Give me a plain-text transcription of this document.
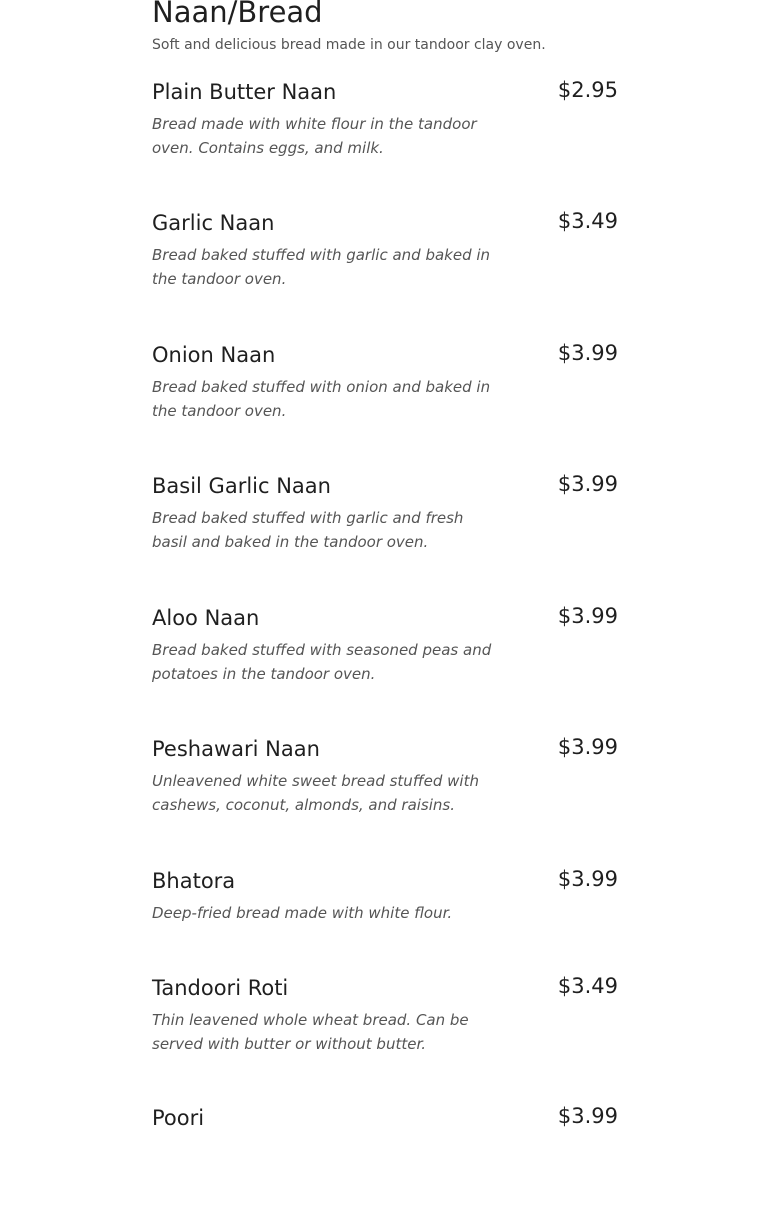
Naan/Bread

Soft and delicious bread made in our tandoor clay oven.

Plain Butter Naan	$2.95

Bread made with white flour in the tandoor oven. Contains eggs, and milk.

Garlic Naan	$3.49

Bread baked stuffed with garlic and baked in the tandoor oven.

Onion Naan	$3.99

Bread baked stuffed with onion and baked in the tandoor oven.

Basil Garlic Naan	$3.99

Bread baked stuffed with garlic and fresh basil and baked in the tandoor oven.

Aloo Naan	$3.99

Bread baked stuffed with seasoned peas and potatoes in the tandoor oven.

Peshawari Naan	$3.99

Unleavened white sweet bread stuffed with cashews, coconut, almonds, and raisins.

Bhatora	$3.99

Deep-fried bread made with white flour.

Tandoori Roti	$3.49

Thin leavened whole wheat bread. Can be served with butter or without butter.

Poori	$3.99
